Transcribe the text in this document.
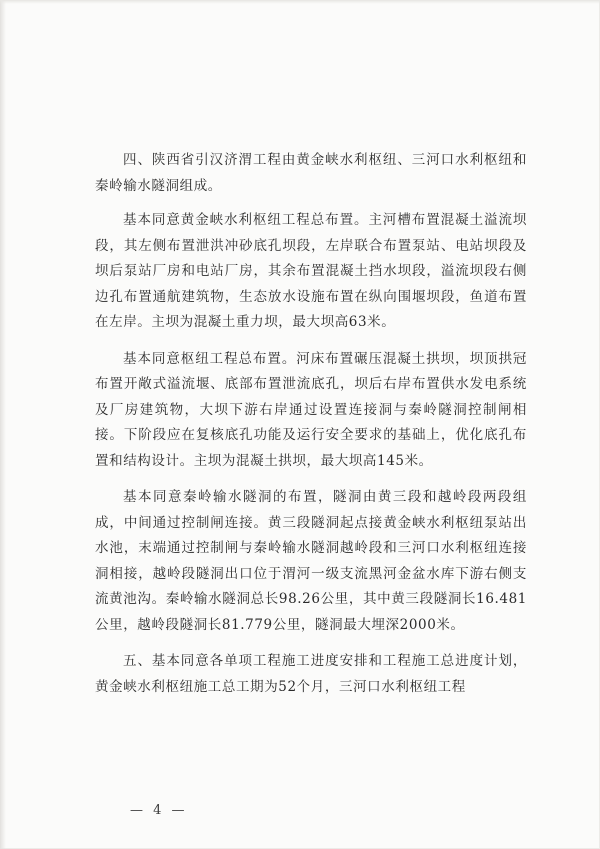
四、陕西省引汉济渭工程由黄金峡水利枢纽、三河口水利枢纽和秦岭输水隧洞组成。

基本同意黄金峡水利枢纽工程总布置。主河槽布置混凝土溢流坝段，其左侧布置泄洪冲砂底孔坝段，左岸联合布置泵站、电站坝段及坝后泵站厂房和电站厂房，其余布置混凝土挡水坝段，溢流坝段右侧边孔布置通航建筑物，生态放水设施布置在纵向围堰坝段，鱼道布置在左岸。主坝为混凝土重力坝，最大坝高63米。

基本同意枢纽工程总布置。河床布置碾压混凝土拱坝，坝顶拱冠布置开敞式溢流堰、底部布置泄流底孔，坝后右岸布置供水发电系统及厂房建筑物，大坝下游右岸通过设置连接洞与秦岭隧洞控制闸相接。下阶段应在复核底孔功能及运行安全要求的基础上，优化底孔布置和结构设计。主坝为混凝土拱坝，最大坝高145米。

基本同意秦岭输水隧洞的布置，隧洞由黄三段和越岭段两段组成，中间通过控制闸连接。黄三段隧洞起点接黄金峡水利枢纽泵站出水池，末端通过控制闸与秦岭输水隧洞越岭段和三河口水利枢纽连接洞相接，越岭段隧洞出口位于渭河一级支流黑河金盆水库下游右侧支流黄池沟。秦岭输水隧洞总长98.26公里，其中黄三段隧洞长16.481公里，越岭段隧洞长81.779公里，隧洞最大埋深2000米。

五、基本同意各单项工程施工进度安排和工程施工总进度计划，黄金峡水利枢纽施工总工期为52个月，三河口水利枢纽工程

— 4 —
